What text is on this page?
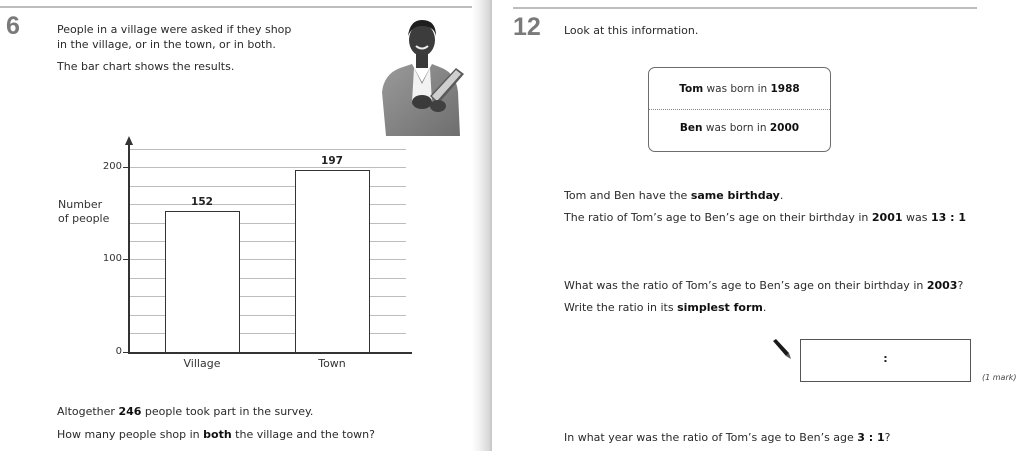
6	People in a village were asked if they shop
in the village, or in the town, or in both.
The bar chart shows the results.
200
100
0
Number
of people
152
Village
197
Town
Altogether 246 people took part in the survey.
How many people shop in both the village and the town?
12 Look at this information.
Tom was born in 1988
Ben was born in 2000
Tom and Ben have the same birthday.
The ratio of Tom’s age to Ben’s age on their birthday in 2001 was 13 : 1
What was the ratio of Tom’s age to Ben’s age on their birthday in 2003?
Write the ratio in its simplest form.
:
(1 mark)
In what year was the ratio of Tom’s age to Ben’s age 3 : 1?
